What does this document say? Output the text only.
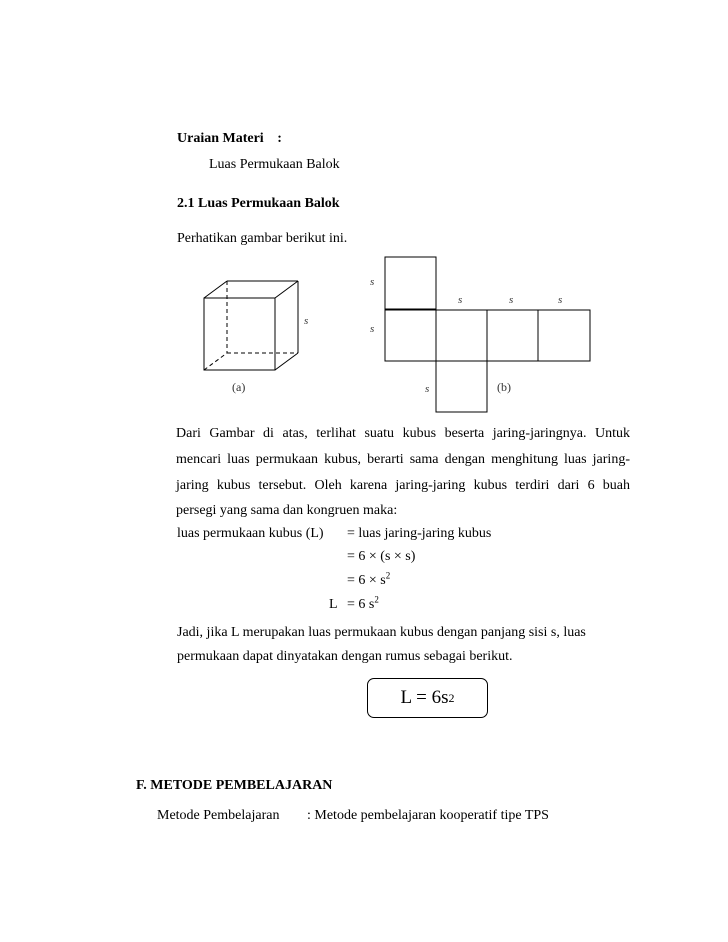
Uraian Materi :
Luas Permukaan Balok
2.1 Luas Permukaan Balok
Perhatikan gambar berikut ini.
s
(a)
s
s	s	s
s
s	(b)
Dari Gambar di atas, terlihat suatu kubus beserta jaring-jaringnya. Untuk
mencari luas permukaan kubus, berarti sama dengan menghitung luas jaring-
jaring kubus tersebut. Oleh karena jaring-jaring kubus terdiri dari 6 buah
persegi yang sama dan kongruen maka:
luas permukaan kubus (L) = luas jaring-jaring kubus
= 6 × (s × s)
= $6 \times s^2$
L = 6 $s^2$
Jadi, jika L merupakan luas permukaan kubus dengan panjang sisi s, luas
permukaan dapat dinyatakan dengan rumus sebagai berikut.
L = 6s 2
F. METODE PEMBELAJARAN
Metode Pembelajaran : Metode pembelajaran kooperatif tipe TPS
